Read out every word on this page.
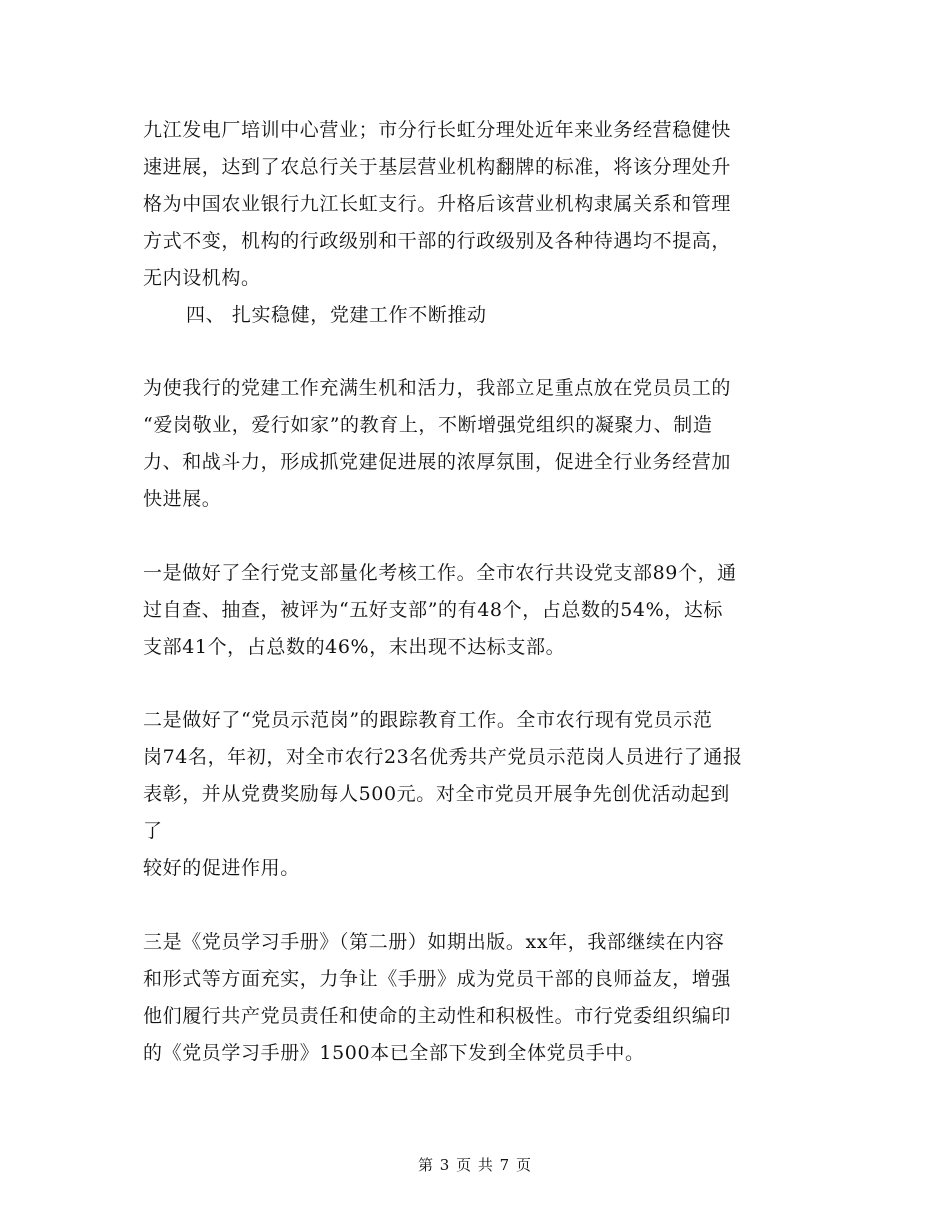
九江发电厂培训中心营业；市分行长虹分理处近年来业务经营稳健快
速进展，达到了农总行关于基层营业机构翻牌的标准，将该分理处升
格为中国农业银行九江长虹支行。升格后该营业机构隶属关系和管理
方式不变，机构的行政级别和干部的行政级别及各种待遇均不提高，
无内设机构。
四、 扎实稳健，党建工作不断推动
为使我行的党建工作充满生机和活力，我部立足重点放在党员员工的
“爱岗敬业，爱行如家”的教育上，不断增强党组织的凝聚力、制造
力、和战斗力，形成抓党建促进展的浓厚氛围，促进全行业务经营加
快进展。
一是做好了全行党支部量化考核工作。全市农行共设党支部89个，通
过自查、抽查，被评为“五好支部”的有48个，占总数的54%，达标
支部41个，占总数的46%，末出现不达标支部。
二是做好了“党员示范岗”的跟踪教育工作。全市农行现有党员示范
岗74名，年初，对全市农行23名优秀共产党员示范岗人员进行了通报
表彰，并从党费奖励每人500元。对全市党员开展争先创优活动起到
了
较好的促进作用。
三是《党员学习手册》（第二册）如期出版。xx年，我部继续在内容
和形式等方面充实，力争让《手册》成为党员干部的良师益友，增强
他们履行共产党员责任和使命的主动性和积极性。市行党委组织编印
的《党员学习手册》1500本已全部下发到全体党员手中。
第 3 页 共 7 页
